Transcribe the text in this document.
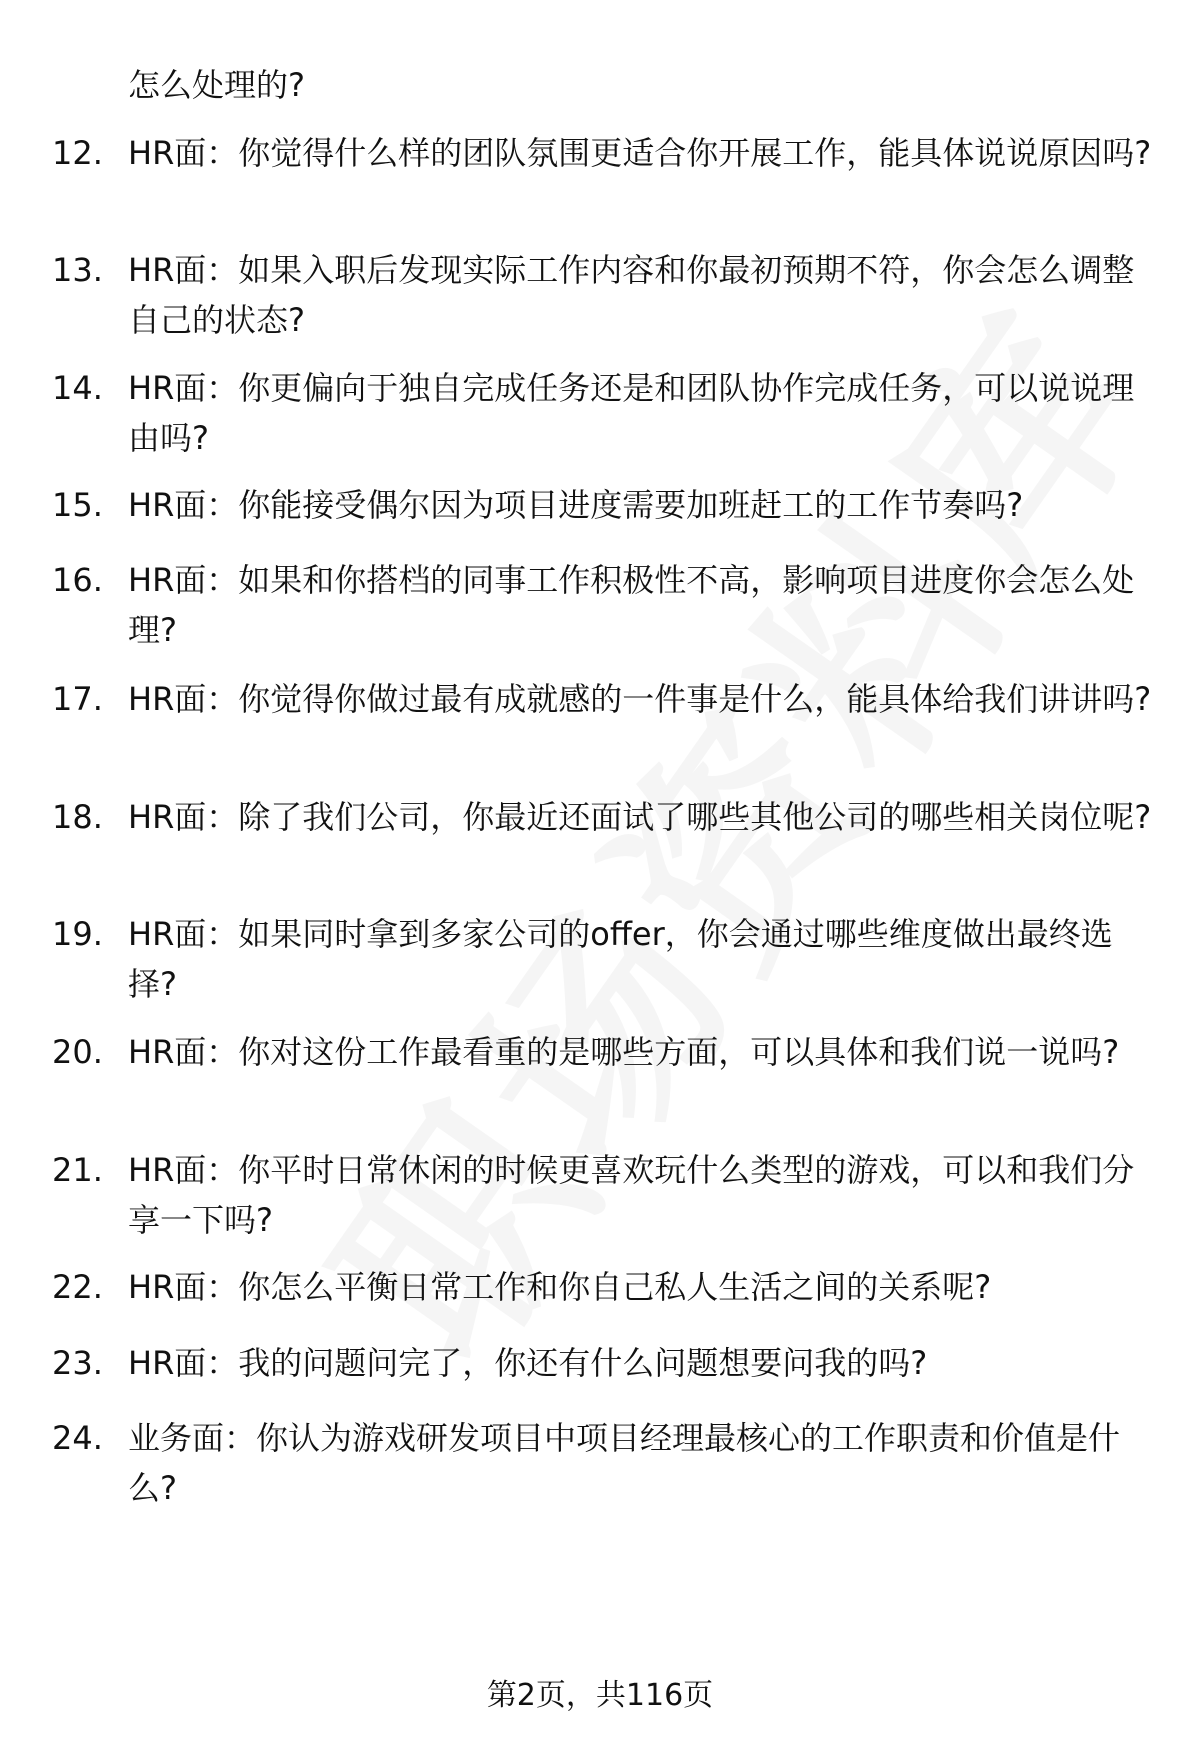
怎么处理的?

12. HR面：你觉得什么样的团队氛围更适合你开展工作，能具体说说原因吗?

13. HR面：如果入职后发现实际工作内容和你最初预期不符，你会怎么调整自己的状态?

14. HR面：你更偏向于独自完成任务还是和团队协作完成任务，可以说说理由吗?

15. HR面：你能接受偶尔因为项目进度需要加班赶工的工作节奏吗?

16. HR面：如果和你搭档的同事工作积极性不高，影响项目进度你会怎么处理?

17. HR面：你觉得你做过最有成就感的一件事是什么，能具体给我们讲讲吗?

18. HR面：除了我们公司，你最近还面试了哪些其他公司的哪些相关岗位呢?

19. HR面：如果同时拿到多家公司的offer，你会通过哪些维度做出最终选择?

20. HR面：你对这份工作最看重的是哪些方面，可以具体和我们说一说吗?

21. HR面：你平时日常休闲的时候更喜欢玩什么类型的游戏，可以和我们分享一下吗?

22. HR面：你怎么平衡日常工作和你自己私人生活之间的关系呢?

23. HR面：我的问题问完了，你还有什么问题想要问我的吗?

24. 业务面：你认为游戏研发项目中项目经理最核心的工作职责和价值是什么?

第2页，共116页
